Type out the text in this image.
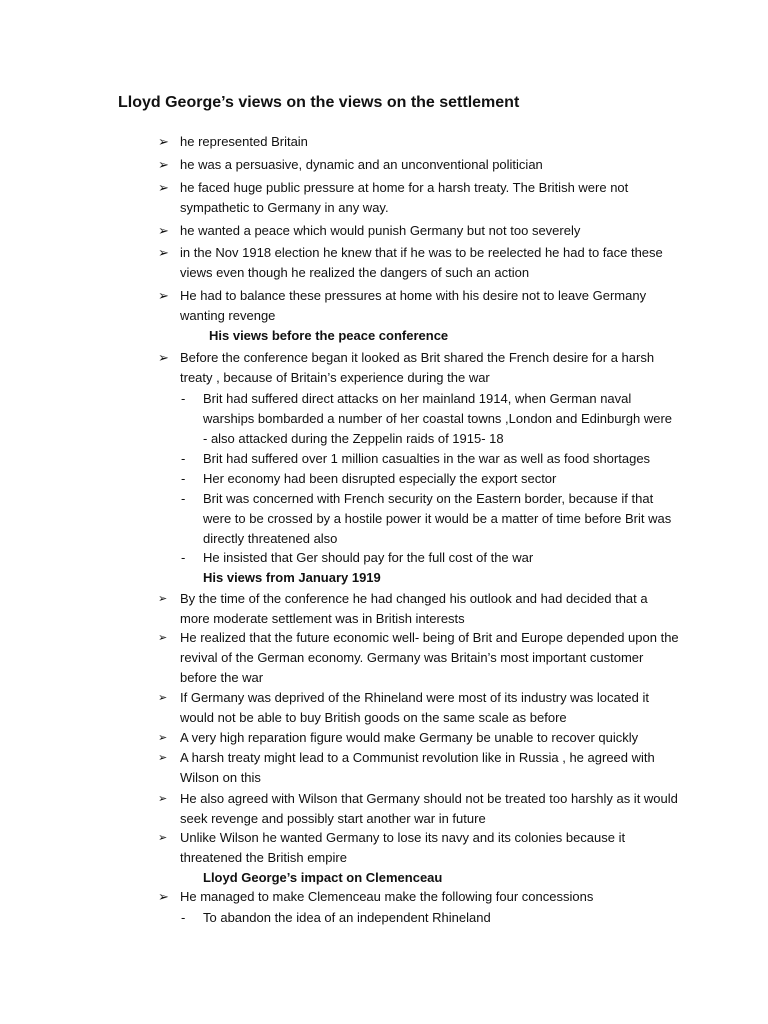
Lloyd George’s views on the views on the settlement
➢ he represented Britain
➢ he was a persuasive, dynamic and an unconventional politician
➢ he faced huge public pressure at home for a harsh treaty. The British were not sympathetic to Germany in any way.
➢ he wanted a peace which would punish Germany but not too severely
➢ in the Nov 1918 election he knew that if he was to be reelected he had to face these views even though he realized the dangers of such an action
➢ He had to balance these pressures at home with his desire not to leave Germany wanting revenge
His views before the peace conference
➢ Before the conference began it looked as Brit shared the French desire for a harsh treaty , because of Britain’s experience during the war
- Brit had suffered direct attacks on her mainland 1914, when German naval warships bombarded a number of her coastal towns ,London and Edinburgh were - also attacked during the Zeppelin raids of 1915- 18
- Brit had suffered over 1 million casualties in the war as well as food shortages
- Her economy had been disrupted especially the export sector
- Brit was concerned with French security on the Eastern border, because if that were to be crossed by a hostile power it would be a matter of time before Brit was directly threatened also
- He insisted that Ger should pay for the full cost of the war
His views from January 1919
➢ By the time of the conference he had changed his outlook and had decided that a more moderate settlement was in British interests
➢ He realized that the future economic well- being of Brit and Europe depended upon the revival of the German economy. Germany was Britain’s most important customer before the war
➢ If Germany was deprived of the Rhineland were most of its industry was located it would not be able to buy British goods on the same scale as before
➢ A very high reparation figure would make Germany be unable to recover quickly
➢ A harsh treaty might lead to a Communist revolution like in Russia , he agreed with Wilson on this
➢ He also agreed with Wilson that Germany should not be treated too harshly as it would seek revenge and possibly start another war in future
➢ Unlike Wilson he wanted Germany to lose its navy and its colonies because it threatened the British empire
Lloyd George’s impact on Clemenceau
➢ He managed to make Clemenceau make the following four concessions
- To abandon the idea of an independent Rhineland
